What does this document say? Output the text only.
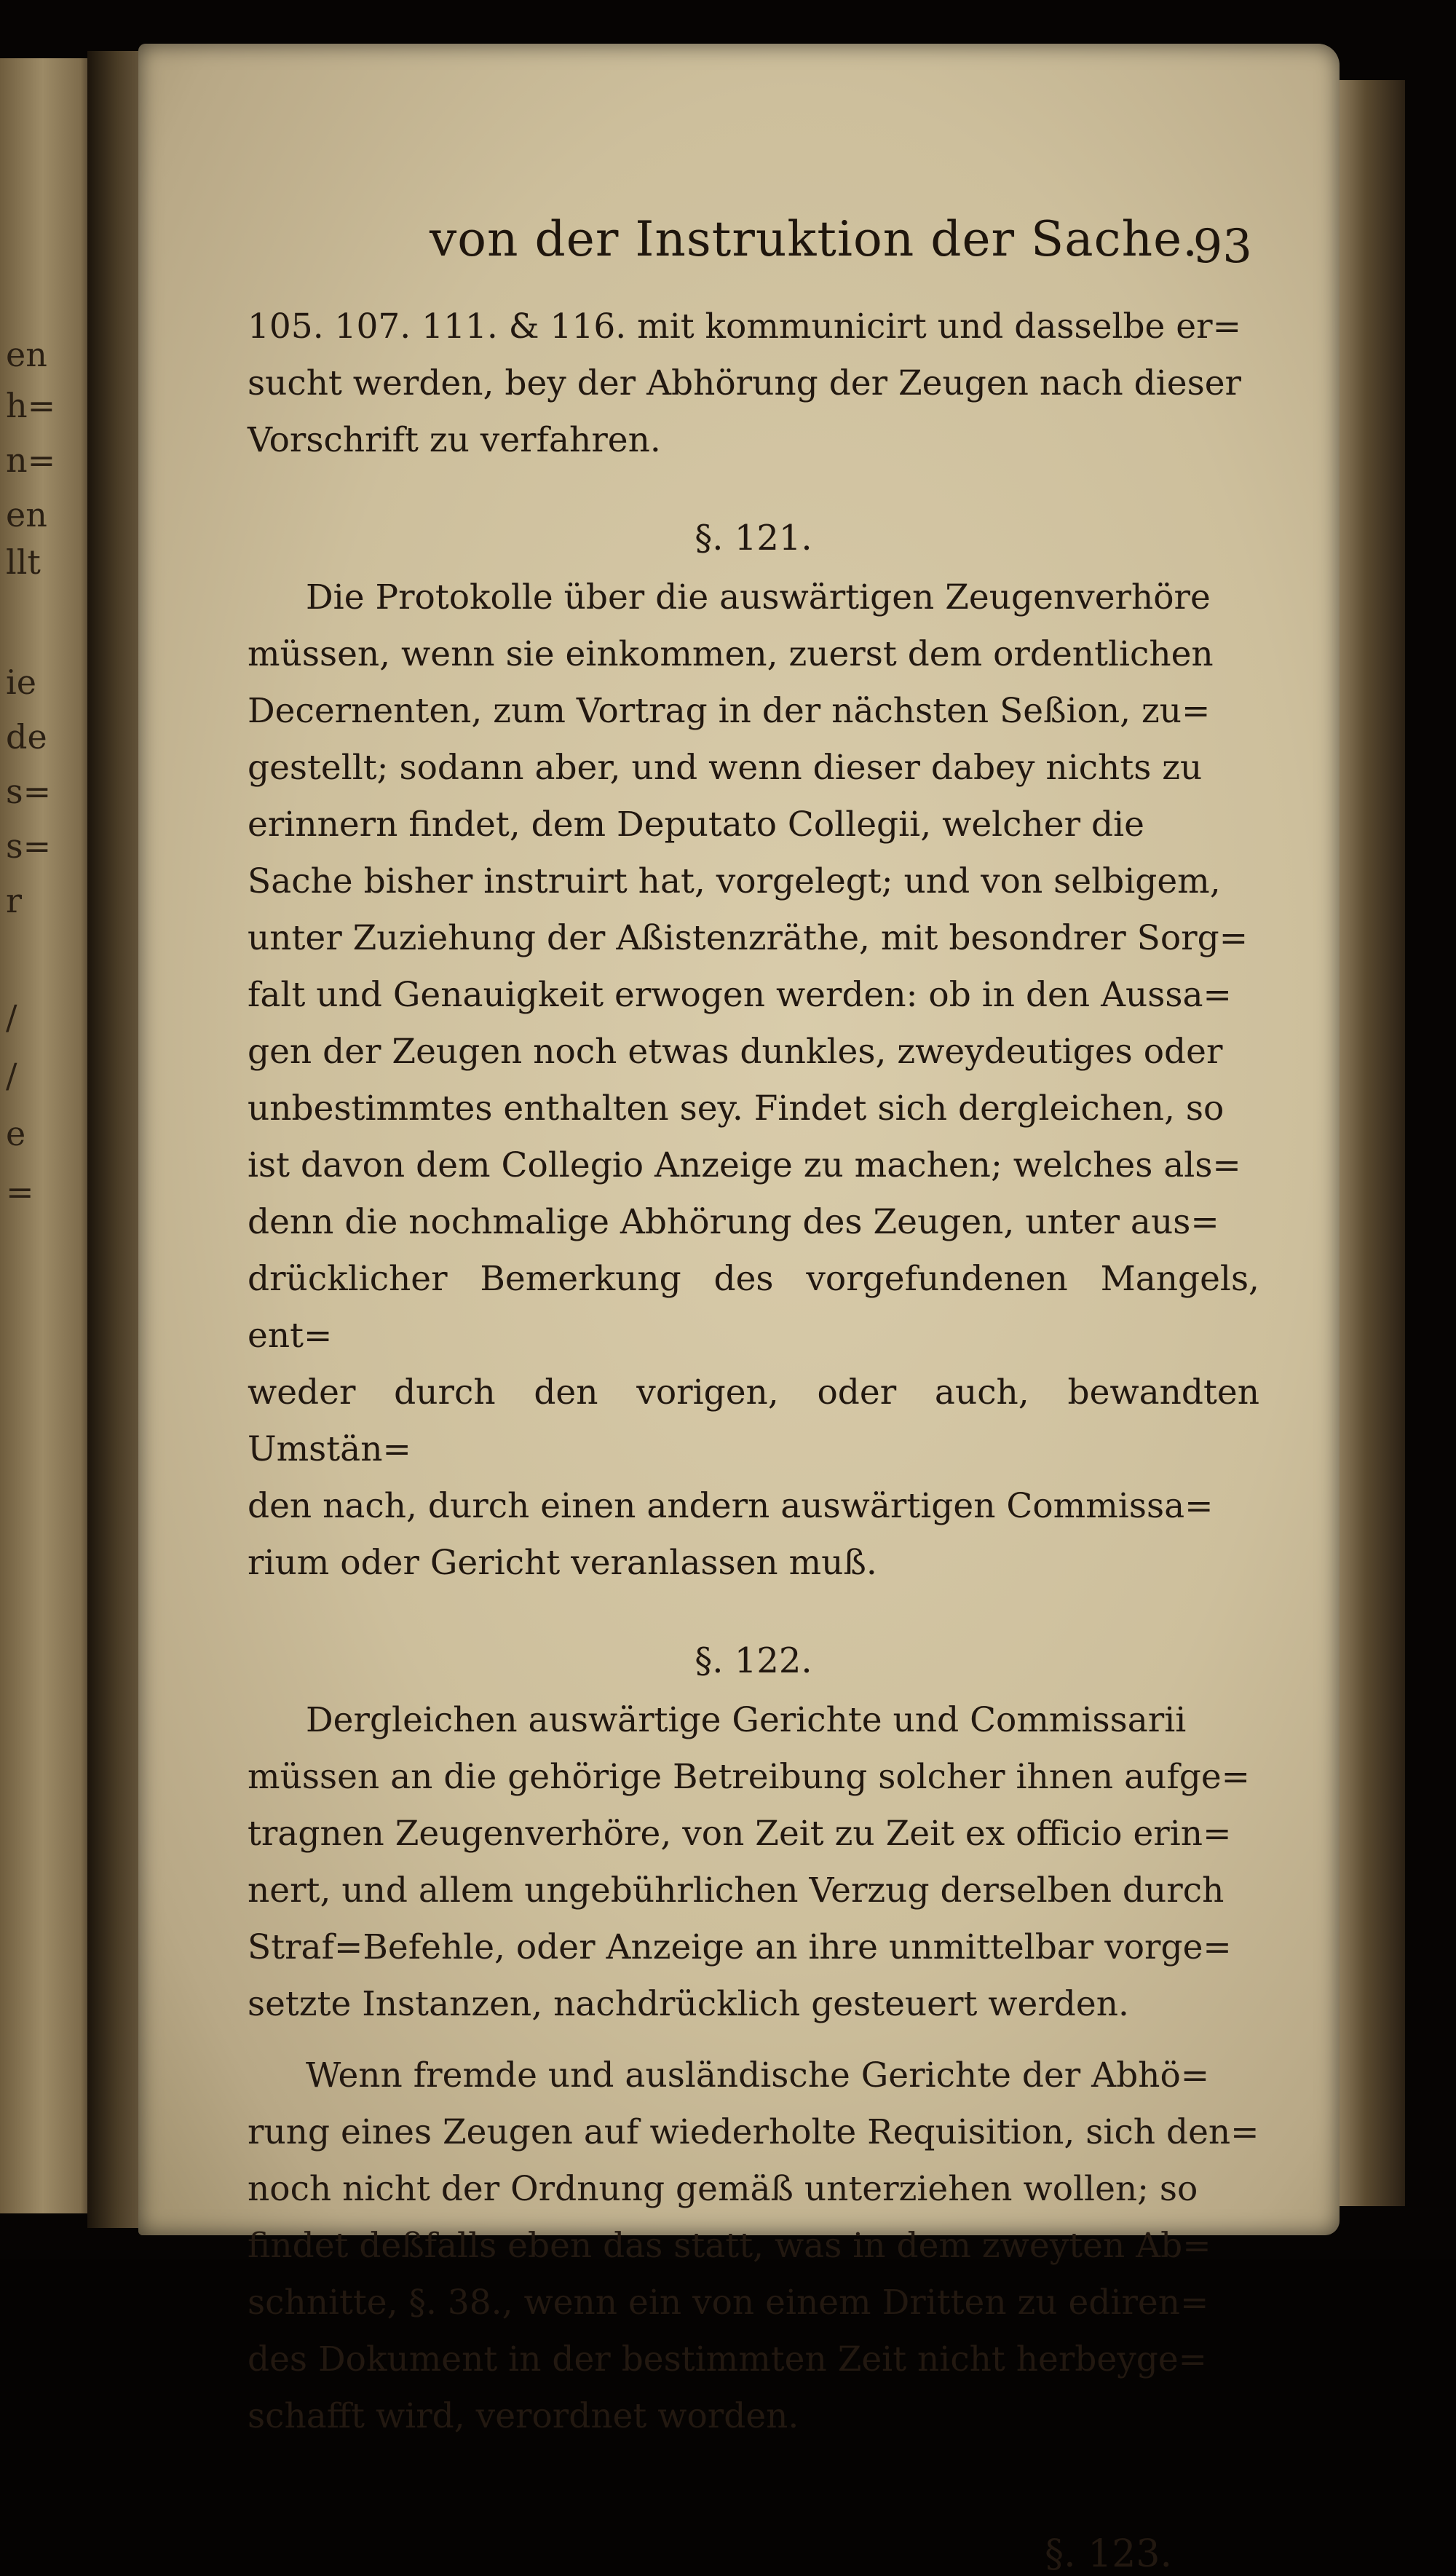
en
h=
n=
en
llt
ie
de
s=
s=
r
/
/
e
=
von der Instruktion der Sache.
93

105. 107. 111. & 116. mit kommunicirt und dasselbe er=
sucht werden, bey der Abhörung der Zeugen nach dieser
Vorschrift zu verfahren.

§. 121.

Die Protokolle über die auswärtigen Zeugenverhöre
müssen, wenn sie einkommen, zuerst dem ordentlichen
Decernenten, zum Vortrag in der nächsten Seßion, zu=
gestellt; sodann aber, und wenn dieser dabey nichts zu
erinnern findet, dem Deputato Collegii, welcher die
Sache bisher instruirt hat, vorgelegt; und von selbigem,
unter Zuziehung der Aßistenzräthe, mit besondrer Sorg=
falt und Genauigkeit erwogen werden: ob in den Aussa=
gen der Zeugen noch etwas dunkles, zweydeutiges oder
unbestimmtes enthalten sey. Findet sich dergleichen, so
ist davon dem Collegio Anzeige zu machen; welches als=
denn die nochmalige Abhörung des Zeugen, unter aus=
drücklicher Bemerkung des vorgefundenen Mangels, ent=
weder durch den vorigen, oder auch, bewandten Umstän=
den nach, durch einen andern auswärtigen Commissa=
rium oder Gericht veranlassen muß.

§. 122.

Dergleichen auswärtige Gerichte und Commissarii
müssen an die gehörige Betreibung solcher ihnen aufge=
tragnen Zeugenverhöre, von Zeit zu Zeit ex officio erin=
nert, und allem ungebührlichen Verzug derselben durch
Straf=Befehle, oder Anzeige an ihre unmittelbar vorge=
setzte Instanzen, nachdrücklich gesteuert werden.

Wenn fremde und ausländische Gerichte der Abhö=
rung eines Zeugen auf wiederholte Requisition, sich den=
noch nicht der Ordnung gemäß unterziehen wollen; so
findet deßfalls eben das statt, was in dem zweyten Ab=
schnitte, §. 38., wenn ein von einem Dritten zu ediren=
des Dokument in der bestimmten Zeit nicht herbeyge=
schafft wird, verordnet worden.

§. 123.
